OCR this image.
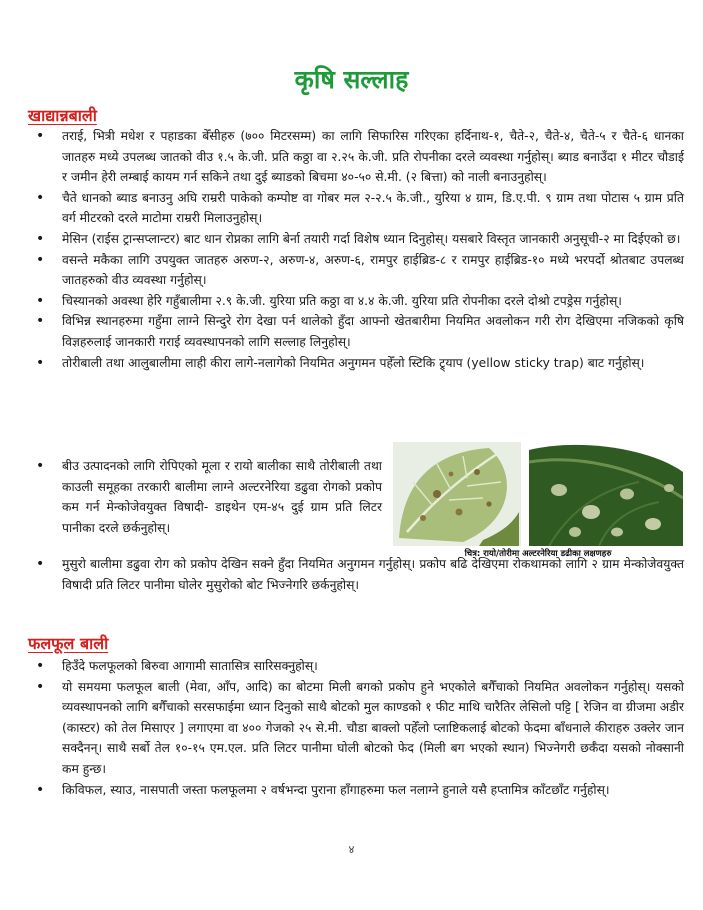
कृषि सल्लाह
खाद्यान्नबाली
• तराई, भित्री मधेश र पहाडका बेँसीहरु (७०० मिटरसम्म) का लागि सिफारिस गरिएका हर्दिनाथ-१, चैते-२, चैते-४, चैते-५ र चैते-६ धानका जातहरु मध्ये उपलब्ध जातको वीउ १.५ के.जी. प्रति कठ्ठा वा २.२५ के.जी. प्रति रोपनीका दरले व्यवस्था गर्नुहोस्। ब्याड बनाउँदा १ मीटर चौडाई र जमीन हेरी लम्बाई कायम गर्न सकिने तथा दुई ब्याडको बिचमा ४०-५० से.मी. (२ बित्ता) को नाली बनाउनुहोस्।
• चैते धानको ब्याड बनाउनु अघि राम्ररी पाकेको कम्पोष्ट वा गोबर मल २-२.५ के.जी., युरिया ४ ग्राम, डि.ए.पी. ९ ग्राम तथा पोटास ५ ग्राम प्रति वर्ग मीटरको दरले माटोमा राम्ररी मिलाउनुहोस्।
• मेसिन (राईस ट्रान्सप्लान्टर) बाट धान रोप्नका लागि बेर्ना तयारी गर्दा विशेष ध्यान दिनुहोस्। यसबारे विस्तृत जानकारी अनुसूची-२ मा दिईएको छ।
• वसन्ते मकैका लागि उपयुक्त जातहरु अरुण-२, अरुण-४, अरुण-६, रामपुर हाईब्रिड-८ र रामपुर हाईब्रिड-१० मध्ये भरपर्दो श्रोतबाट उपलब्ध जातहरुको वीउ व्यवस्था गर्नुहोस्।
• चिस्यानको अवस्था हेरि गहुँबालीमा २.९ के.जी. युरिया प्रति कठ्ठा वा ४.४ के.जी. युरिया प्रति रोपनीका दरले दोश्रो टपड्रेस गर्नुहोस्।
• विभिन्न स्थानहरुमा गहुँमा लाग्ने सिन्दुरे रोग देखा पर्न थालेको हुँदा आफ्नो खेतबारीमा नियमित अवलोकन गरी रोग देखिएमा नजिकको कृषि विज्ञहरुलाई जानकारी गराई व्यवस्थापनको लागि सल्लाह लिनुहोस्।
• तोरीबाली तथा आलुबालीमा लाही कीरा लागे-नलागेको नियमित अनुगमन पहेँलो स्टिकि ट्र्याप (yellow sticky trap) बाट गर्नुहोस्।
• बीउ उत्पादनको लागि रोपिएको मूला र रायो बालीका साथै तोरीबाली तथा काउली समूहका तरकारी बालीमा लाग्ने अल्टरनेरिया डढुवा रोगको प्रकोप कम गर्न मेन्कोजेवयुक्त विषादी- डाइथेन एम-४५ दुई ग्राम प्रति लिटर पानीका दरले छर्कनुहोस्।
• मुसुरो बालीमा डढुवा रोग को प्रकोप देखिन सक्ने हुँदा नियमित अनुगमन गर्नुहोस्। प्रकोप बढि देखिएमा रोकथामको लागि २ ग्राम मेन्कोजेवयुक्त विषादी प्रति लिटर पानीमा घोलेर मुसुरोको बोट भिज्नेगरि छर्कनुहोस्।
चित्र: रायो/तोरीमा अल्टरनेरिया डढीका लक्षणहरु
फलफूल बाली
• हिउँदे फलफूलको बिरुवा आगामी सातासित्र सारिसक्नुहोस्।
• यो समयमा फलफूल बाली (मेवा, आँप, आदि) का बोटमा मिली बगको प्रकोप हुने भएकोले बगैँचाको नियमित अवलोकन गर्नुहोस्। यसको व्यवस्थापनको लागि बगैँचाको सरसफाईमा ध्यान दिनुको साथै बोटको मुल काण्डको १ फीट माथि चारैतिर लेसिलो पट्टि [ रेजिन वा ग्रीजमा अडीर (कास्टर) को तेल मिसाएर ] लगाएमा वा ४०० गेजको २५ से.मी. चौडा बाक्लो पहेँलो प्लाष्टिकलाई बोटको फेदमा बाँधनाले कीराहरु उक्लेर जान सक्दैनन्। साथै सर्बो तेल १०-१५ एम.एल. प्रति लिटर पानीमा घोली बोटको फेद (मिली बग भएको स्थान) भिज्नेगरी छर्कँदा यसको नोक्सानी कम हुन्छ।
• किविफल, स्याउ, नासपाती जस्ता फलफूलमा २ वर्षभन्दा पुराना हाँगाहरुमा फल नलाग्ने हुनाले यसै हप्तामित्र काँटछाँट गर्नुहोस्।
४
